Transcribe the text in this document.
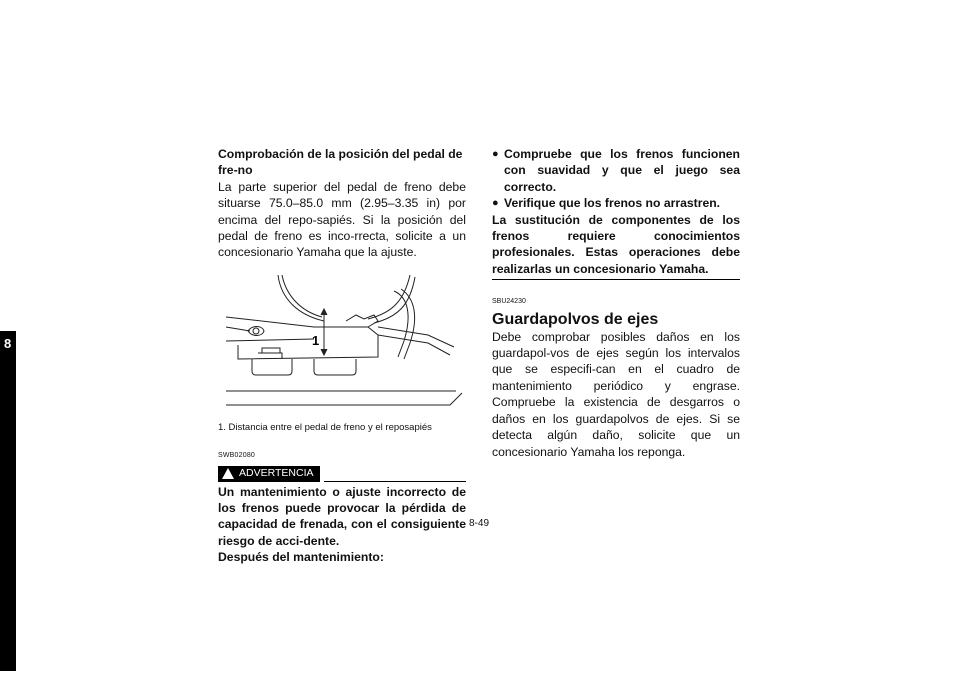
8

Comprobación de la posición del pedal de fre-no

La parte superior del pedal de freno debe situarse 75.0–85.0 mm (2.95–3.35 in) por encima del repo-sapiés. Si la posición del pedal de freno es inco-rrecta, solicite a un concesionario Yamaha que la ajuste.

1
1. Distancia entre el pedal de freno y el reposapiés
SWB02080
ADVERTENCIA

Un mantenimiento o ajuste incorrecto de los frenos puede provocar la pérdida de capacidad de frenada, con el consiguiente riesgo de acci-dente.

Después del mantenimiento:

● Compruebe que los frenos funcionen con suavidad y que el juego sea correcto.
● Verifique que los frenos no arrastren.

La sustitución de componentes de los frenos requiere conocimientos profesionales. Estas operaciones debe realizarlas un concesionario Yamaha.

SBU24230

Guardapolvos de ejes

Debe comprobar posibles daños en los guardapol-vos de ejes según los intervalos que se especifi-can en el cuadro de mantenimiento periódico y engrase. Compruebe la existencia de desgarros o daños en los guardapolvos de ejes. Si se detecta algún daño, solicite que un concesionario Yamaha los reponga.

8-49
